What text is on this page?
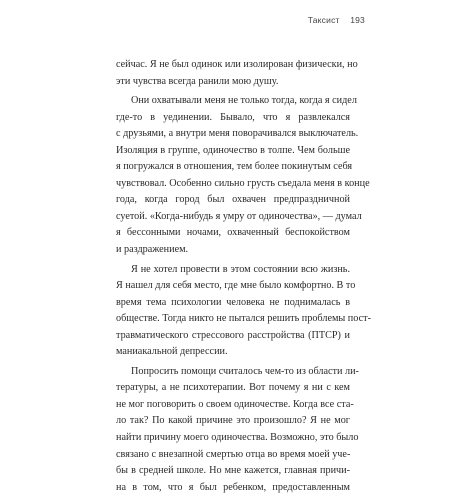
Таксист 193
сейчас. Я не был одинок или изолирован физически, но
эти чувства всегда ранили мою душу.
Они охватывали меня не только тогда, когда я сидел
где-то в уединении. Бывало, что я развлекался
с друзьями, а внутри меня поворачивался выключатель.
Изоляция в группе, одиночество в толпе. Чем больше
я погружался в отношения, тем более покинутым себя
чувствовал. Особенно сильно грусть съедала меня в конце
года, когда город был охвачен предпраздничной
суетой. «Когда-нибудь я умру от одиночества», — думал
я бессонными ночами, охваченный беспокойством
и раздражением.
Я не хотел провести в этом состоянии всю жизнь.
Я нашел для себя место, где мне было комфортно. В то
время тема психологии человека не поднималась в
обществе. Тогда никто не пытался решить проблемы пост-
травматического стрессового расстройства (ПТСР) и
маниакальной депрессии.
Попросить помощи считалось чем-то из области ли-
тературы, а не психотерапии. Вот почему я ни с кем
не мог поговорить о своем одиночестве. Когда все ста-
ло так? По какой причине это произошло? Я не мог
найти причину моего одиночества. Возможно, это было
связано с внезапной смертью отца во время моей уче-
бы в средней школе. Но мне кажется, главная причи-
на в том, что я был ребенком, предоставленным
